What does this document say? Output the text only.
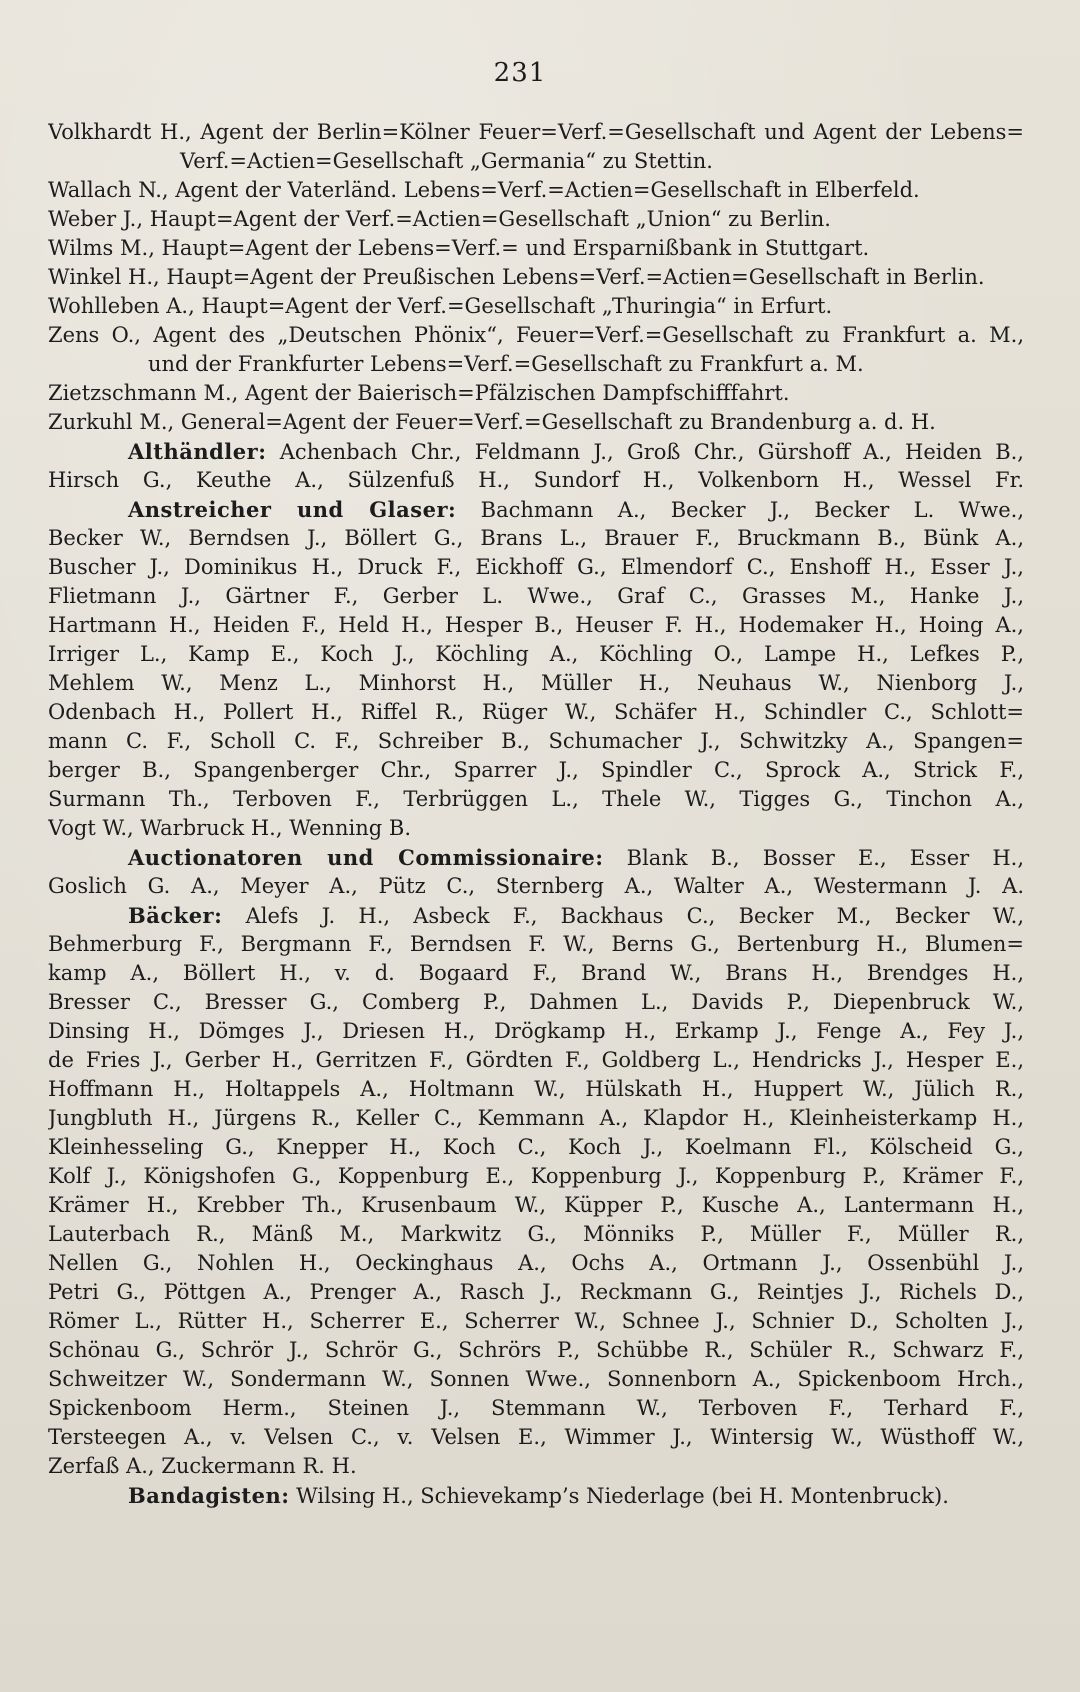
231
Volkhardt H., Agent der Berlin=Kölner Feuer=Verf.=Gesellschaft und Agent der Lebens=
Verf.=Actien=Gesellschaft „Germania“ zu Stettin.
Wallach N., Agent der Vaterländ. Lebens=Verf.=Actien=Gesellschaft in Elberfeld.
Weber J., Haupt=Agent der Verf.=Actien=Gesellschaft „Union“ zu Berlin.
Wilms M., Haupt=Agent der Lebens=Verf.= und Ersparnißbank in Stuttgart.
Winkel H., Haupt=Agent der Preußischen Lebens=Verf.=Actien=Gesellschaft in Berlin.
Wohlleben A., Haupt=Agent der Verf.=Gesellschaft „Thuringia“ in Erfurt.
Zens O., Agent des „Deutschen Phönix“, Feuer=Verf.=Gesellschaft zu Frankfurt a. M.,
und der Frankfurter Lebens=Verf.=Gesellschaft zu Frankfurt a. M.
Zietzschmann M., Agent der Baierisch=Pfälzischen Dampfschifffahrt.
Zurkuhl M., General=Agent der Feuer=Verf.=Gesellschaft zu Brandenburg a. d. H.
Althändler: Achenbach Chr., Feldmann J., Groß Chr., Gürshoff A., Heiden B.,
Hirsch G., Keuthe A., Sülzenfuß H., Sundorf H., Volkenborn H., Wessel Fr.
Anstreicher und Glaser: Bachmann A., Becker J., Becker L. Wwe.,
Becker W., Berndsen J., Böllert G., Brans L., Brauer F., Bruckmann B., Bünk A.,
Buscher J., Dominikus H., Druck F., Eickhoff G., Elmendorf C., Enshoff H., Esser J.,
Flietmann J., Gärtner F., Gerber L. Wwe., Graf C., Grasses M., Hanke J.,
Hartmann H., Heiden F., Held H., Hesper B., Heuser F. H., Hodemaker H., Hoing A.,
Irriger L., Kamp E., Koch J., Köchling A., Köchling O., Lampe H., Lefkes P.,
Mehlem W., Menz L., Minhorst H., Müller H., Neuhaus W., Nienborg J.,
Odenbach H., Pollert H., Riffel R., Rüger W., Schäfer H., Schindler C., Schlott=
mann C. F., Scholl C. F., Schreiber B., Schumacher J., Schwitzky A., Spangen=
berger B., Spangenberger Chr., Sparrer J., Spindler C., Sprock A., Strick F.,
Surmann Th., Terboven F., Terbrüggen L., Thele W., Tigges G., Tinchon A.,
Vogt W., Warbruck H., Wenning B.
Auctionatoren und Commissionaire: Blank B., Bosser E., Esser H.,
Goslich G. A., Meyer A., Pütz C., Sternberg A., Walter A., Westermann J. A.
Bäcker: Alefs J. H., Asbeck F., Backhaus C., Becker M., Becker W.,
Behmerburg F., Bergmann F., Berndsen F. W., Berns G., Bertenburg H., Blumen=
kamp A., Böllert H., v. d. Bogaard F., Brand W., Brans H., Brendges H.,
Bresser C., Bresser G., Comberg P., Dahmen L., Davids P., Diepenbruck W.,
Dinsing H., Dömges J., Driesen H., Drögkamp H., Erkamp J., Fenge A., Fey J.,
de Fries J., Gerber H., Gerritzen F., Gördten F., Goldberg L., Hendricks J., Hesper E.,
Hoffmann H., Holtappels A., Holtmann W., Hülskath H., Huppert W., Jülich R.,
Jungbluth H., Jürgens R., Keller C., Kemmann A., Klapdor H., Kleinheisterkamp H.,
Kleinhesseling G., Knepper H., Koch C., Koch J., Koelmann Fl., Kölscheid G.,
Kolf J., Königshofen G., Koppenburg E., Koppenburg J., Koppenburg P., Krämer F.,
Krämer H., Krebber Th., Krusenbaum W., Küpper P., Kusche A., Lantermann H.,
Lauterbach R., Mänß M., Markwitz G., Mönniks P., Müller F., Müller R.,
Nellen G., Nohlen H., Oeckinghaus A., Ochs A., Ortmann J., Ossenbühl J.,
Petri G., Pöttgen A., Prenger A., Rasch J., Reckmann G., Reintjes J., Richels D.,
Römer L., Rütter H., Scherrer E., Scherrer W., Schnee J., Schnier D., Scholten J.,
Schönau G., Schrör J., Schrör G., Schrörs P., Schübbe R., Schüler R., Schwarz F.,
Schweitzer W., Sondermann W., Sonnen Wwe., Sonnenborn A., Spickenboom Hrch.,
Spickenboom Herm., Steinen J., Stemmann W., Terboven F., Terhard F.,
Tersteegen A., v. Velsen C., v. Velsen E., Wimmer J., Wintersig W., Wüsthoff W.,
Zerfaß A., Zuckermann R. H.
Bandagisten: Wilsing H., Schievekamp’s Niederlage (bei H. Montenbruck).
